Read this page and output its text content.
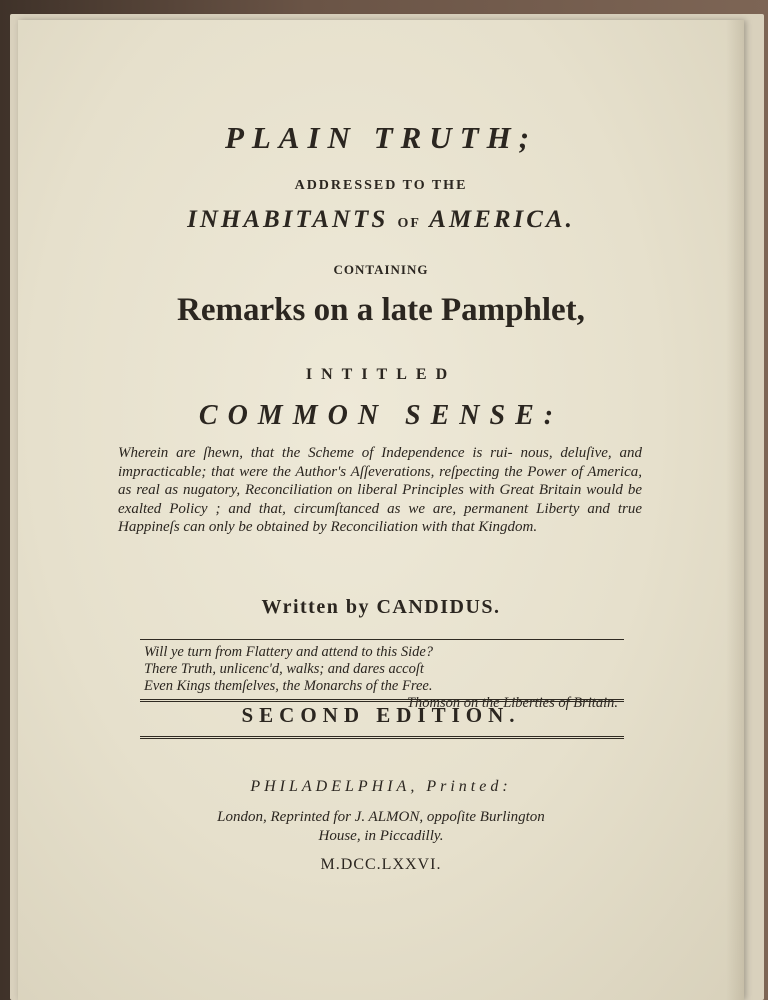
PLAIN TRUTH;
ADDRESSED TO THE
INHABITANTS OF AMERICA.
CONTAINING
Remarks on a late Pamphlet,
INTITLED
COMMON SENSE:
Wherein are ſhewn, that the Scheme of Independence is rui- nous, deluſive, and impracticable; that were the Author's Aſſeverations, reſpecting the Power of America, as real as nugatory, Reconciliation on liberal Principles with Great Britain would be exalted Policy ; and that, circumſtanced as we are, permanent Liberty and true Happineſs can only be obtained by Reconciliation with that Kingdom.
Written by CANDIDUS.
Will ye turn from Flattery and attend to this Side?
There Truth, unlicenc'd, walks; and dares accoſt
Even Kings themſelves, the Monarchs of the Free.
Thomson on the Liberties of Britain.
SECOND EDITION.
PHILADELPHIA, Printed:
London, Reprinted for J. ALMON, oppoſite Burlington
House, in Piccadilly.
M.DCC.LXXVI.
